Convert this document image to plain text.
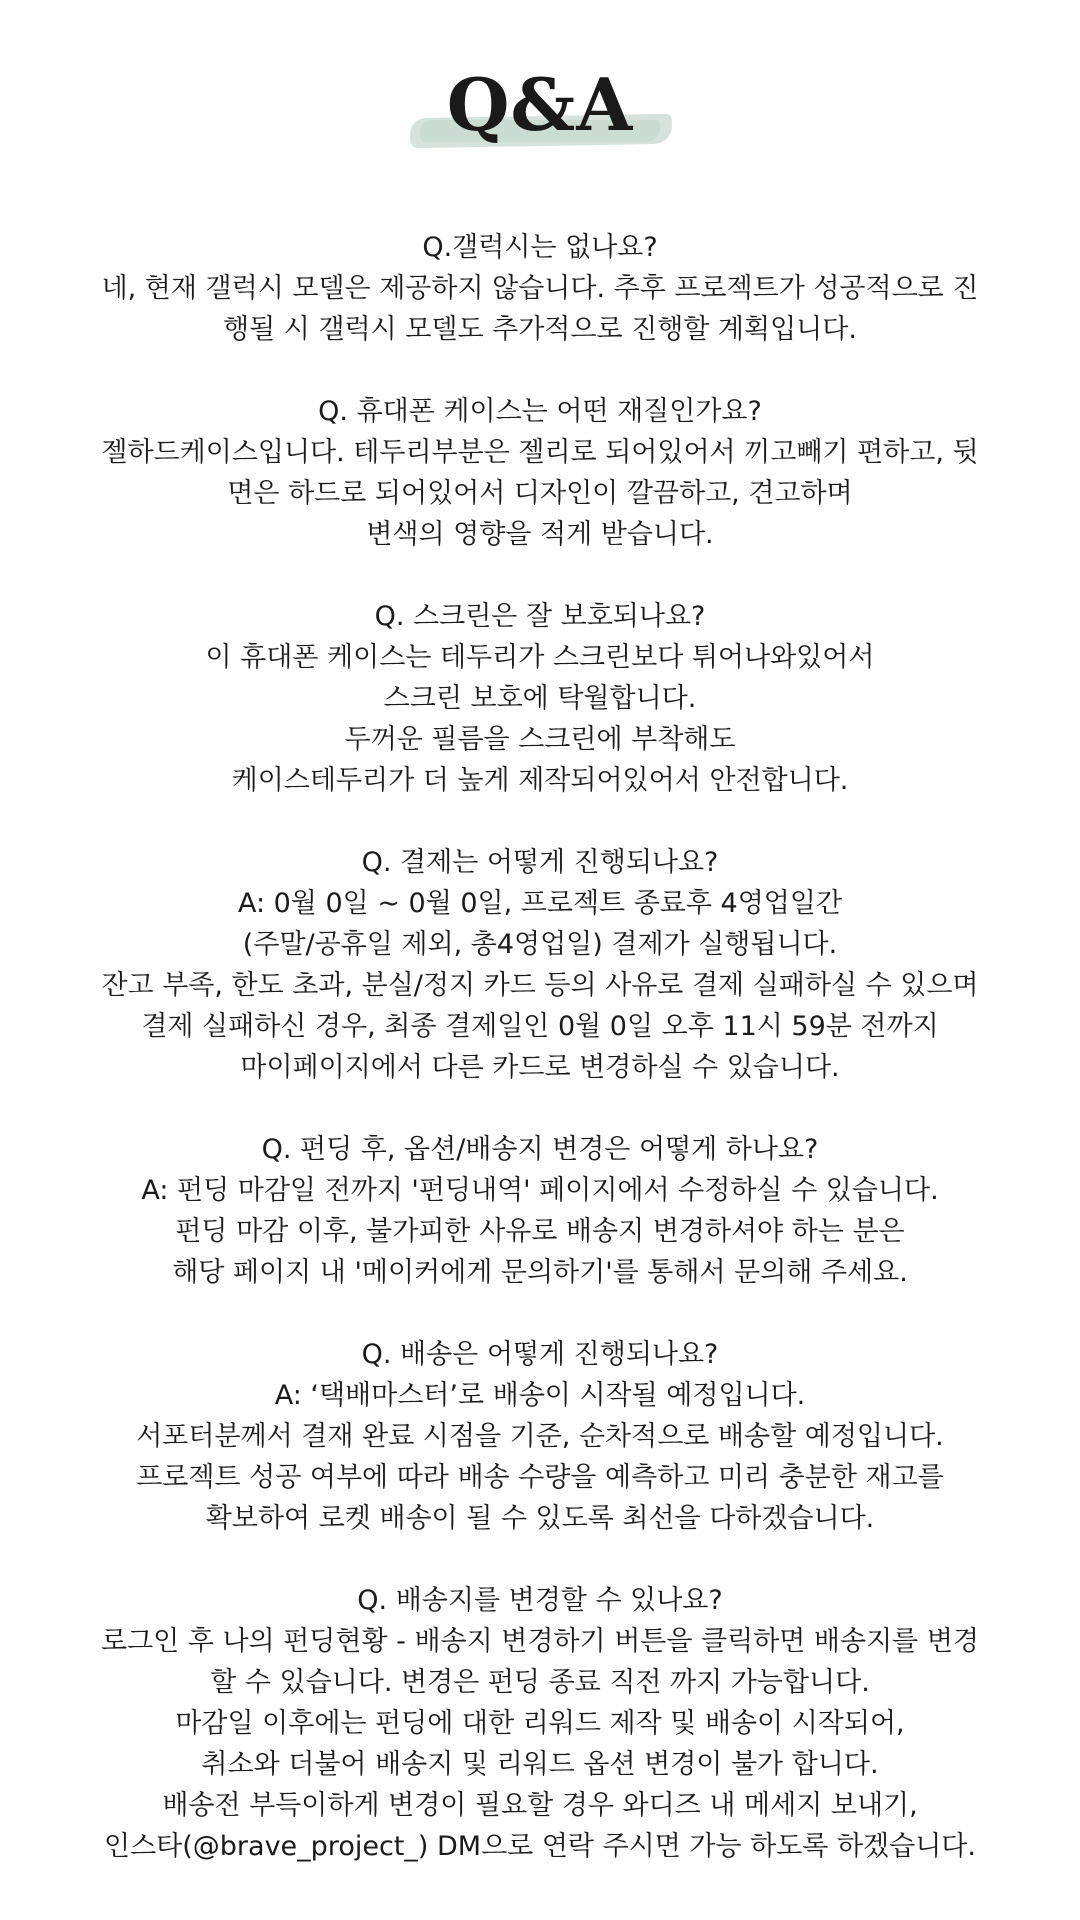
Q&A
Q.갤럭시는 없나요?
네, 현재 갤럭시 모델은 제공하지 않습니다. 추후 프로젝트가 성공적으로 진
행될 시 갤럭시 모델도 추가적으로 진행할 계획입니다.
Q. 휴대폰 케이스는 어떤 재질인가요?
젤하드케이스입니다. 테두리부분은 젤리로 되어있어서 끼고빼기 편하고, 뒷
면은 하드로 되어있어서 디자인이 깔끔하고, 견고하며
변색의 영향을 적게 받습니다.
Q. 스크린은 잘 보호되나요?
이 휴대폰 케이스는 테두리가 스크린보다 튀어나와있어서
스크린 보호에 탁월합니다.
두꺼운 필름을 스크린에 부착해도
케이스테두리가 더 높게 제작되어있어서 안전합니다.
Q. 결제는 어떻게 진행되나요?
A: 0월 0일 ~ 0월 0일, 프로젝트 종료후 4영업일간
(주말/공휴일 제외, 총4영업일) 결제가 실행됩니다.
잔고 부족, 한도 초과, 분실/정지 카드 등의 사유로 결제 실패하실 수 있으며
결제 실패하신 경우, 최종 결제일인 0월 0일 오후 11시 59분 전까지
마이페이지에서 다른 카드로 변경하실 수 있습니다.
Q. 펀딩 후, 옵션/배송지 변경은 어떻게 하나요?
A: 펀딩 마감일 전까지 '펀딩내역' 페이지에서 수정하실 수 있습니다.
펀딩 마감 이후, 불가피한 사유로 배송지 변경하셔야 하는 분은
해당 페이지 내 '메이커에게 문의하기'를 통해서 문의해 주세요.
Q. 배송은 어떻게 진행되나요?
A: ‘택배마스터’로 배송이 시작될 예정입니다.
서포터분께서 결재 완료 시점을 기준, 순차적으로 배송할 예정입니다.
프로젝트 성공 여부에 따라 배송 수량을 예측하고 미리 충분한 재고를
확보하여 로켓 배송이 될 수 있도록 최선을 다하겠습니다.
Q. 배송지를 변경할 수 있나요?
로그인 후 나의 펀딩현황 - 배송지 변경하기 버튼을 클릭하면 배송지를 변경
할 수 있습니다. 변경은 펀딩 종료 직전 까지 가능합니다.
마감일 이후에는 펀딩에 대한 리워드 제작 및 배송이 시작되어,
취소와 더불어 배송지 및 리워드 옵션 변경이 불가 합니다.
배송전 부득이하게 변경이 필요할 경우 와디즈 내 메세지 보내기,
인스타(@brave_project_) DM으로 연락 주시면 가능 하도록 하겠습니다.
